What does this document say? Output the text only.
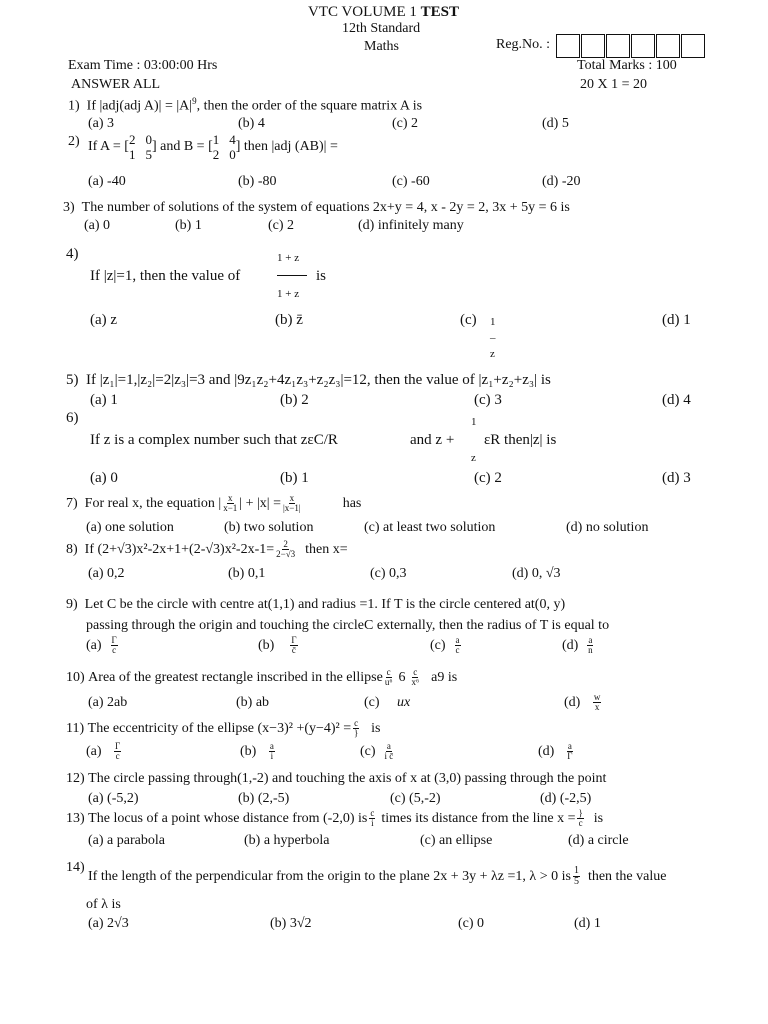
VTC VOLUME 1 TEST
12th Standard
Maths	Reg.No. :
Exam Time : 03:00:00 Hrs	Total Marks : 100
ANSWER ALL	20 X 1 = 20
1) If |adj(adj $A)| = |A|^9$, then the order of the square matrix A is
(a) 3	(b) 4	(c) 2	(d) 5
2) If A = [ 2 0
1 5
] and B = [ 1 4
2 0
] then |adj (AB)| =
(a) -40	(b) -80	(c) -60	(d) -20
3) The number of solutions of the system of equations 2x+y = 4, x - 2y = 2, 3x + 5y = 6 is
(a) 0	(b) 1	(c) 2	(d) infinitely many
4)
If |z|=1, then the value of
1 + z
1 + z
is
(a) z	(b) z̄	(c) 1
–
z
(d) 1
5) If |z₁|=1,|z₂|=2|z₃|=3 and |9z₁z₂+4z₁z₃+z₂z₃|=12, then the value of |z₁+z₂+z₃| is
(a) 1	(b) 2	(c) 3	(d) 4
6)
If z is a complex number such that zεC/R	and z +
1
z
εR then|z| is
(a) 0	(b) 1	(c) 2	(d) 3
7)
For real x, the equation | $\frac{x}{x-1}$ | + $|x| = \frac{x}{|x-1|}$	has
(a) one solution	(b) two solution	(c) at least two solution	(d) no solution
8)
If $(2+√3)x^2-2x+1+(2-√3)x^2-2x-1= \frac{2}{2-√3}$ then x=
(a) 0,2	(b) 0,1	(c) 0,3	(d) 0, √3
9) Let C be the circle with centre at(1,1) and radius =1. If T is the circle centered at(0, y)
passing through the origin and touching the circleC externally, then the radius of T is equal to
(a)
$\frac{\Gamma}{c}$	(b)
$\frac{\Gamma}{c̄}$	(c)
$\frac{a}{c}$	(d)
$\frac{a}{n}$
10)
Area of the greatest rectangle inscribed in the ellipse $\frac{c}{\text{u⁶}} 6 \frac{c}{\text{x⁶}} a9$ is
(a) 2ab	(b) ab	(c) ux	(d)
$\frac{w}{x}$
11)
The eccentricity of the ellipse $(x-3)^2 +(y-4)^2 = \frac{c}{\}}$ is
(a)
$\frac{\Gamma}{c}$	(b)
$\frac{a}{i}$	(c)
$\frac{a}{\text{i c̄}}$	(d)
$\frac{a}{\Gamma}$
12) The circle passing through(1,-2) and touching the axis of x at (3,0) passing through the point
(a) (-5,2)	(b) (2,-5)	(c) (5,-2)	(d) (-2,5)
13)
The locus of a point whose distance from (-2,0) is $\frac{c}{i}$ times its distance from the line $x = \frac{\}}{c}$ is
(a) a parabola	(b) a hyperbola	(c) an ellipse	(d) a circle
14)
If the length of the perpendicular from the origin to the plane 2x + 3y + λz =1, λ > 0 is $\frac{1}{5}$ then the value
of λ is
(a) 2√3	(b) 3√2	(c) 0	(d) 1
